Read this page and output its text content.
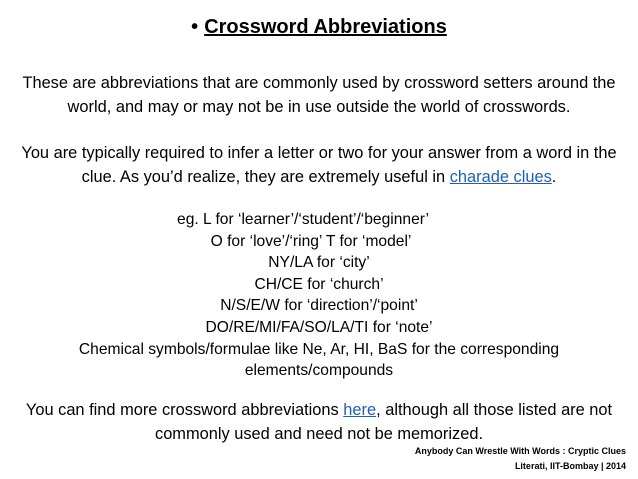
• Crossword Abbreviations
These are abbreviations that are commonly used by crossword setters around the world, and may or may not be in use outside the world of crosswords.
You are typically required to infer a letter or two for your answer from a word in the clue. As you’d realize, they are extremely useful in charade clues.
eg. L for ‘learner’/‘student’/‘beginner’
O for ‘love’/‘ring’ T for ‘model’
NY/LA for ‘city’
CH/CE for ‘church’
N/S/E/W for ‘direction’/‘point’
DO/RE/MI/FA/SO/LA/TI for ‘note’
Chemical symbols/formulae like Ne, Ar, HI, BaS for the corresponding
elements/compounds
You can find more crossword abbreviations here, although all those listed are not commonly used and need not be memorized.
Anybody Can Wrestle With Words : Cryptic Clues
Literati, IIT-Bombay | 2014
